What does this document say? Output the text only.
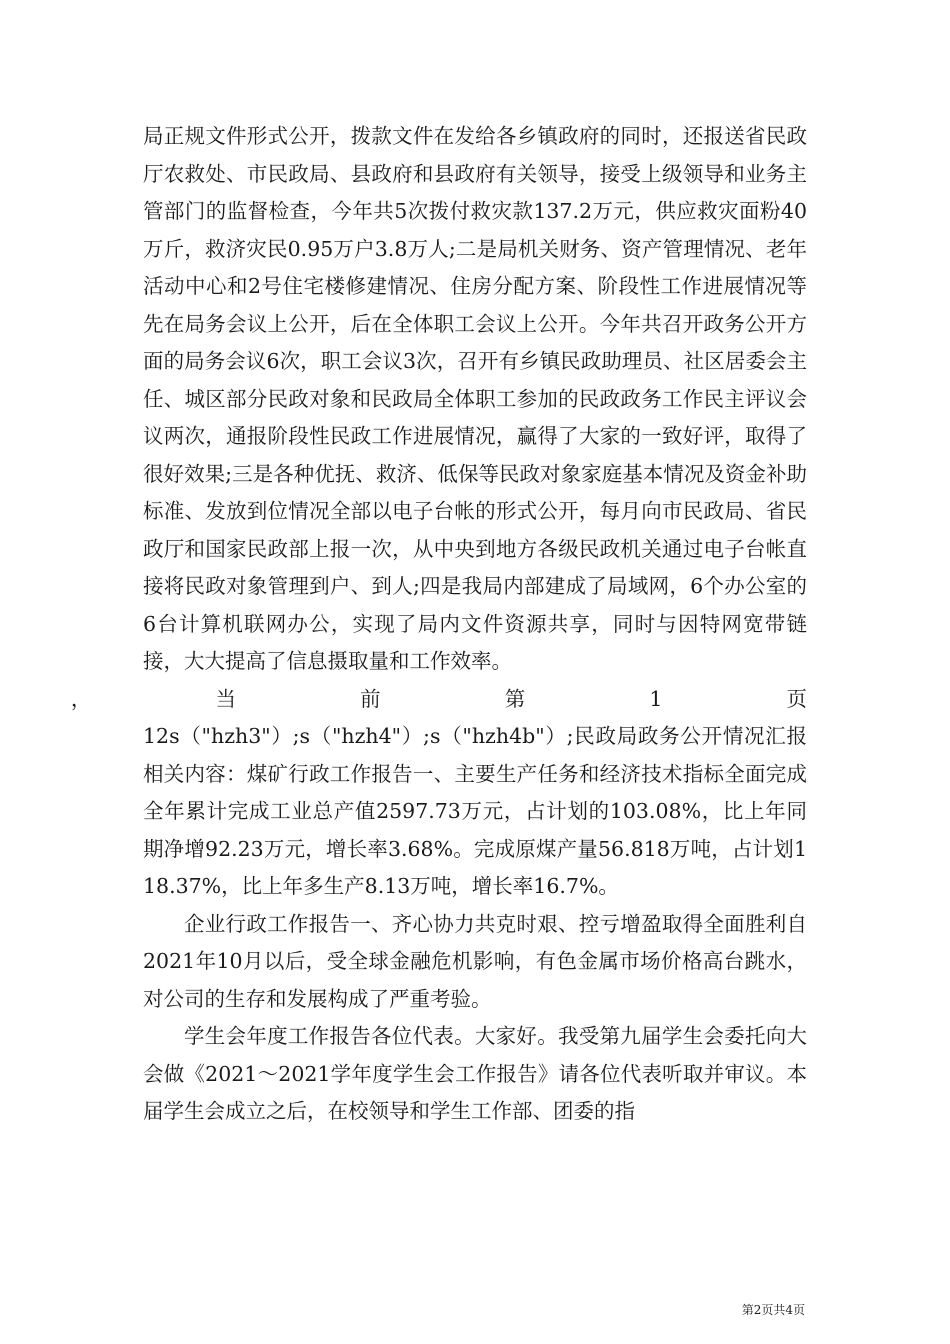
局正规文件形式公开，拨款文件在发给各乡镇政府的同时，还报送省民政厅农救处、市民政局、县政府和县政府有关领导，接受上级领导和业务主管部门的监督检查，今年共5次拨付救灾款137.2万元，供应救灾面粉40万斤，救济灾民0.95万户3.8万人;二是局机关财务、资产管理情况、老年活动中心和2号住宅楼修建情况、住房分配方案、阶段性工作进展情况等先在局务会议上公开，后在全体职工会议上公开。今年共召开政务公开方面的局务会议6次，职工会议3次，召开有乡镇民政助理员、社区居委会主任、城区部分民政对象和民政局全体职工参加的民政政务工作民主评议会议两次，通报阶段性民政工作进展情况，赢得了大家的一致好评，取得了很好效果;三是各种优抚、救济、低保等民政对象家庭基本情况及资金补助标准、发放到位情况全部以电子台帐的形式公开，每月向市民政局、省民政厅和国家民政部上报一次，从中央到地方各级民政机关通过电子台帐直接将民政对象管理到户、到人;四是我局内部建成了局域网，6个办公室的6台计算机联网办公，实现了局内文件资源共享，同时与因特网宽带链接，大大提高了信息摄取量和工作效率。

，
	当
	前
	第
	1
	页

12s（"hzh3"）;s（"hzh4"）;s（"hzh4b"）;民政局政务公开情况汇报相关内容：煤矿行政工作报告一、主要生产任务和经济技术指标全面完成全年累计完成工业总产值2597.73万元，占计划的103.08%，比上年同期净增92.23万元，增长率3.68%。完成原煤产量56.818万吨，占计划118.37%，比上年多生产8.13万吨，增长率16.7%。

企业行政工作报告一、齐心协力共克时艰、控亏增盈取得全面胜利自2021年10月以后，受全球金融危机影响，有色金属市场价格高台跳水，对公司的生存和发展构成了严重考验。

学生会年度工作报告各位代表。大家好。我受第九届学生会委托向大会做《2021～2021学年度学生会工作报告》请各位代表听取并审议。本届学生会成立之后，在校领导和学生工作部、团委的指

第2页共4页
